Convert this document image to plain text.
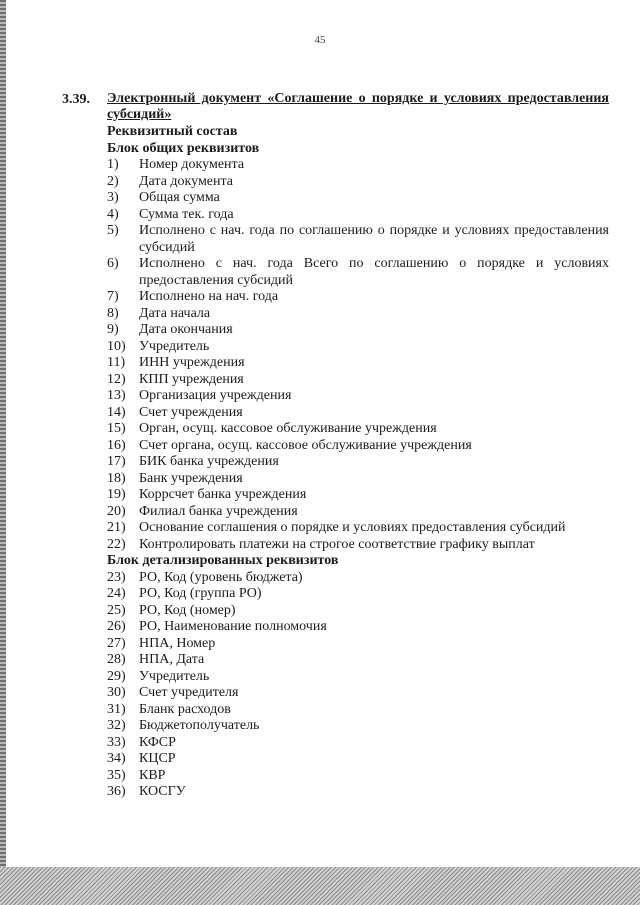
45
3.39. Электронный документ «Соглашение о порядке и условиях предоставления субсидий»
Реквизитный состав
Блок общих реквизитов
1)	Номер документа
2)	Дата документа
3)	Общая сумма
4)	Сумма тек. года
5)	Исполнено с нач. года по соглашению о порядке и условиях предоставления субсидий
6)	Исполнено с нач. года Всего по соглашению о порядке и условиях предоставления субсидий
7)	Исполнено на нач. года
8)	Дата начала
9)	Дата окончания
10) Учредитель
11) ИНН учреждения
12) КПП учреждения
13) Организация учреждения
14) Счет учреждения
15) Орган, осущ. кассовое обслуживание учреждения
16) Счет органа, осущ. кассовое обслуживание учреждения
17) БИК банка учреждения
18) Банк учреждения
19) Коррсчет банка учреждения
20) Филиал банка учреждения
21) Основание соглашения о порядке и условиях предоставления субсидий
22) Контролировать платежи на строгое соответствие графику выплат
Блок детализированных реквизитов
23) РО, Код (уровень бюджета)
24) РО, Код (группа РО)
25) РО, Код (номер)
26) РО, Наименование полномочия
27) НПА, Номер
28) НПА, Дата
29) Учредитель
30) Счет учредителя
31) Бланк расходов
32) Бюджетополучатель
33) КФСР
34) КЦСР
35) КВР
36) КОСГУ
